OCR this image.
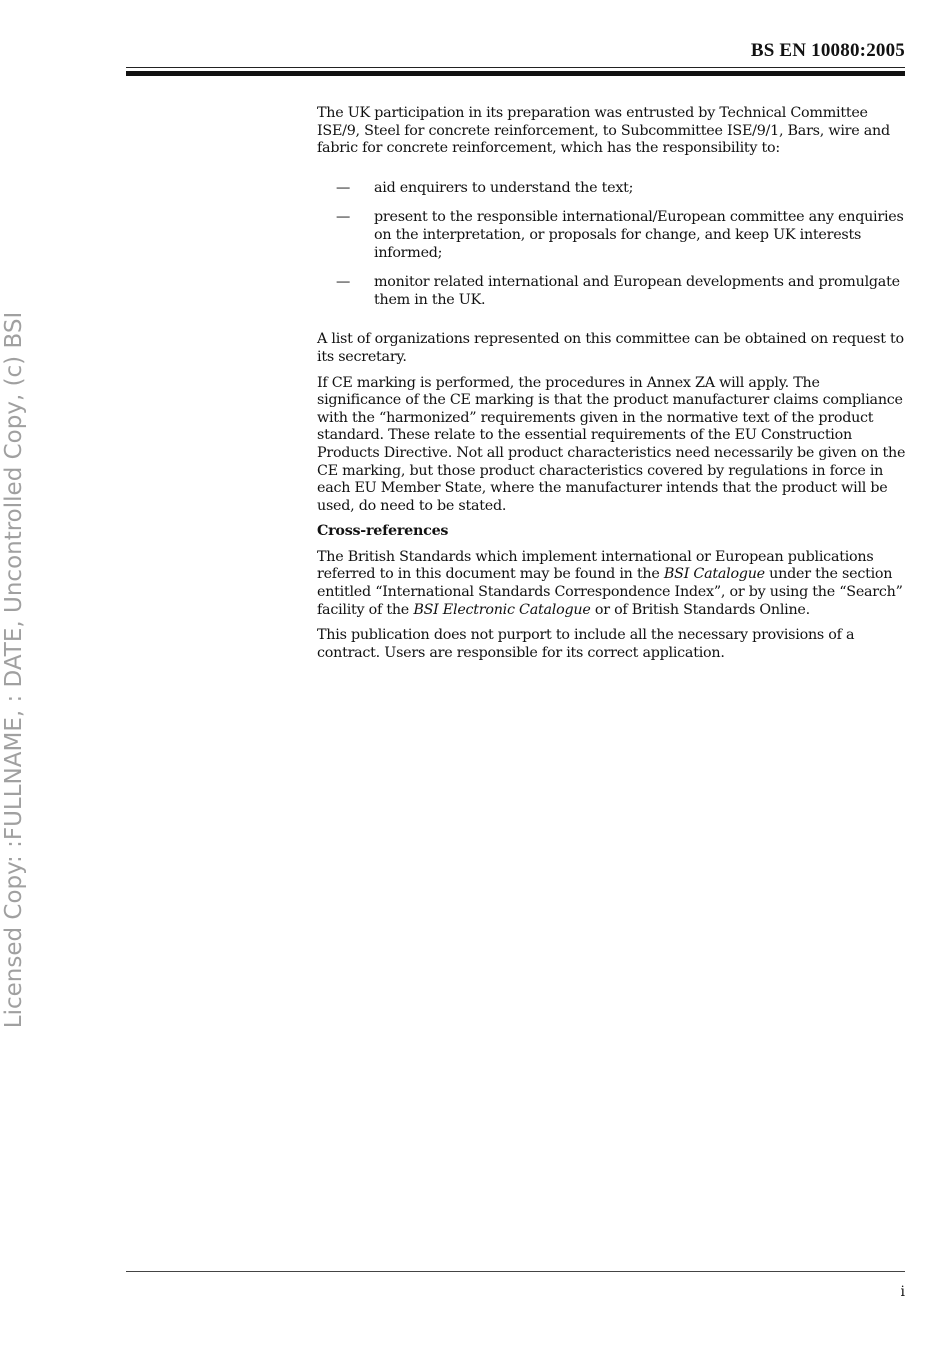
BS EN 10080:2005
Licensed Copy: :FULLNAME, : DATE, Uncontrolled Copy, (c) BSI

The UK participation in its preparation was entrusted by Technical Committee ISE/9, Steel for concrete reinforcement, to Subcommittee ISE/9/1, Bars, wire and fabric for concrete reinforcement, which has the responsibility to:

— aid enquirers to understand the text;
— present to the responsible international/European committee any enquiries on the interpretation, or proposals for change, and keep UK interests informed;
— monitor related international and European developments and promulgate them in the UK.

A list of organizations represented on this committee can be obtained on request to its secretary.

If CE marking is performed, the procedures in Annex ZA will apply. The significance of the CE marking is that the product manufacturer claims compliance with the “harmonized” requirements given in the normative text of the product standard. These relate to the essential requirements of the EU Construction Products Directive. Not all product characteristics need necessarily be given on the CE marking, but those product characteristics covered by regulations in force in each EU Member State, where the manufacturer intends that the product will be used, do need to be stated.

Cross-references

The British Standards which implement international or European publications referred to in this document may be found in the BSI Catalogue under the section entitled “International Standards Correspondence Index”, or by using the “Search” facility of the BSI Electronic Catalogue or of British Standards Online.

This publication does not purport to include all the necessary provisions of a contract. Users are responsible for its correct application.

i
